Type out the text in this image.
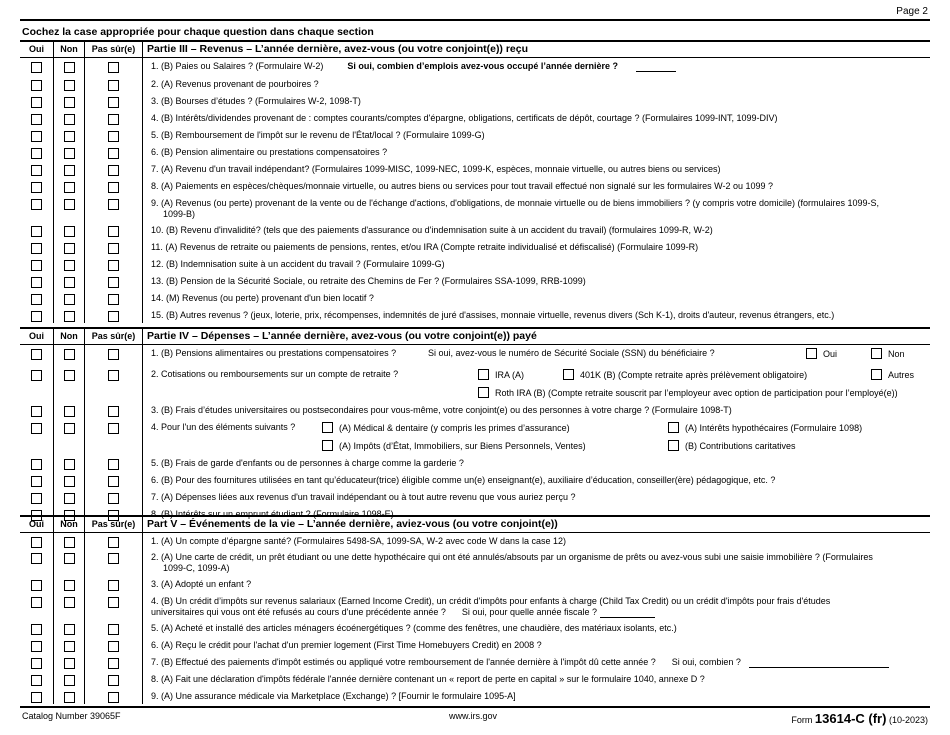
Page 2
Cochez la case appropriée pour chaque question dans chaque section
Oui	Non	Pas sûr(e)	Partie III – Revenus – L’année dernière, avez-vous (ou votre conjoint(e)) reçu

	1. (B) Paies ou Salaires ? (Formulaire W-2) Si oui, combien d’emplois avez-vous occupé l’année dernière ?

	2. (A) Revenus provenant de pourboires ?

	3. (B) Bourses d’études ? (Formulaires W-2, 1098-T)

	4. (B) Intérêts/dividendes provenant de : comptes courants/comptes d'épargne, obligations, certificats de dépôt, courtage ? (Formulaires 1099-INT, 1099-DIV)

	5. (B) Remboursement de l'impôt sur le revenu de l'État/local ? (Formulaire 1099-G)

	6. (B) Pension alimentaire ou prestations compensatoires ?

	7. (A) Revenu d'un travail indépendant? (Formulaires 1099-MISC, 1099-NEC, 1099-K, espèces, monnaie virtuelle, ou autres biens ou services)

	8. (A) Paiements en espèces/chèques/monnaie virtuelle, ou autres biens ou services pour tout travail effectué non signalé sur les formulaires W-2 ou 1099 ?

			9. (A) Revenus (ou perte) provenant de la vente ou de l'échange d'actions, d'obligations, de monnaie virtuelle ou de biens immobiliers ? (y compris votre domicile) (formulaires 1099-S,
1099-B)

	10. (B) Revenu d'invalidité? (tels que des paiements d'assurance ou d'indemnisation suite à un accident du travail) (formulaires 1099-R, W-2)

	11. (A) Revenus de retraite ou paiements de pensions, rentes, et/ou IRA (Compte retraite individualisé et défiscalisé) (Formulaire 1099-R)

	12. (B) Indemnisation suite à un accident du travail ? (Formulaire 1099-G)

	13. (B) Pension de la Sécurité Sociale, ou retraite des Chemins de Fer ? (Formulaires SSA-1099, RRB-1099)

	14. (M) Revenus (ou perte) provenant d'un bien locatif ?

	15. (B) Autres revenus ? (jeux, loterie, prix, récompenses, indemnités de juré d'assises, monnaie virtuelle, revenus divers (Sch K-1), droits d'auteur, revenus étrangers, etc.)
Oui	Non	Pas sûr(e)	Partie IV – Dépenses – L’année dernière, avez-vous (ou votre conjoint(e)) payé

			1. (B) Pensions alimentaires ou prestations compensatoires ? Si oui, avez-vous le numéro de Sécurité Sociale (SSN) du bénéficiaire ? Oui Non

			2. Cotisations ou remboursements sur un compte de retraite ? IRA (A) 401K (B) (Compte retraite après prélèvement obligatoire) Autres
Roth IRA (B) (Compte retraite souscrit par l’employeur avec option de participation pour l’employé(e))

	3. (B) Frais d’études universitaires ou postsecondaires pour vous-même, votre conjoint(e) ou des personnes à votre charge ? (Formulaire 1098-T)

			4. Pour l'un des éléments suivants ? (A) Médical & dentaire (y compris les primes d’assurance) (A) Intérêts hypothécaires (Formulaire 1098)
(A) Impôts (d’État, Immobiliers, sur Biens Personnels, Ventes) (B) Contributions caritatives

	5. (B) Frais de garde d'enfants ou de personnes à charge comme la garderie ?

	6. (B) Pour des fournitures utilisées en tant qu’éducateur(trice) éligible comme un(e) enseignant(e), auxiliaire d’éducation, conseiller(ère) pédagogique, etc. ?

	7. (A) Dépenses liées aux revenus d'un travail indépendant ou à tout autre revenu que vous auriez perçu ?

	8. (B) Intérêts sur un emprunt étudiant ? (Formulaire 1098-E)
Oui	Non	Pas sûr(e)	Part V – Événements de la vie – L’année dernière, aviez-vous (ou votre conjoint(e))

	1. (A) Un compte d’épargne santé? (Formulaires 5498-SA, 1099-SA, W-2 avec code W dans la case 12)

			2. (A) Une carte de crédit, un prêt étudiant ou une dette hypothécaire qui ont été annulés/absouts par un organisme de prêts ou avez-vous subi une saisie immobilière ? (Formulaires
1099-C, 1099-A)

	3. (A) Adopté un enfant ?

			4. (B) Un crédit d’impôts sur revenus salariaux (Earned Income Credit), un crédit d'impôts pour enfants à charge (Child Tax Credit) ou un crédit d'impôts pour frais d'études
universitaires qui vous ont été refusés au cours d'une précédente année ? Si oui, pour quelle année fiscale ?

	5. (A) Acheté et installé des articles ménagers écoénergétiques ? (comme des fenêtres, une chaudière, des matériaux isolants, etc.)

	6. (A) Reçu le crédit pour l'achat d'un premier logement (First Time Homebuyers Credit) en 2008 ?

	7. (B) Effectué des paiements d'impôt estimés ou appliqué votre remboursement de l'année dernière à l'impôt dû cette année ? Si oui, combien ?

	8. (A) Fait une déclaration d'impôts fédérale l'année dernière contenant un « report de perte en capital » sur le formulaire 1040, annexe D ?

	9. (A) Une assurance médicale via Marketplace (Exchange) ? [Fournir le formulaire 1095-A]
Catalog Number 39065F	www.irs.gov	Form 13614-C (fr) (10-2023)
